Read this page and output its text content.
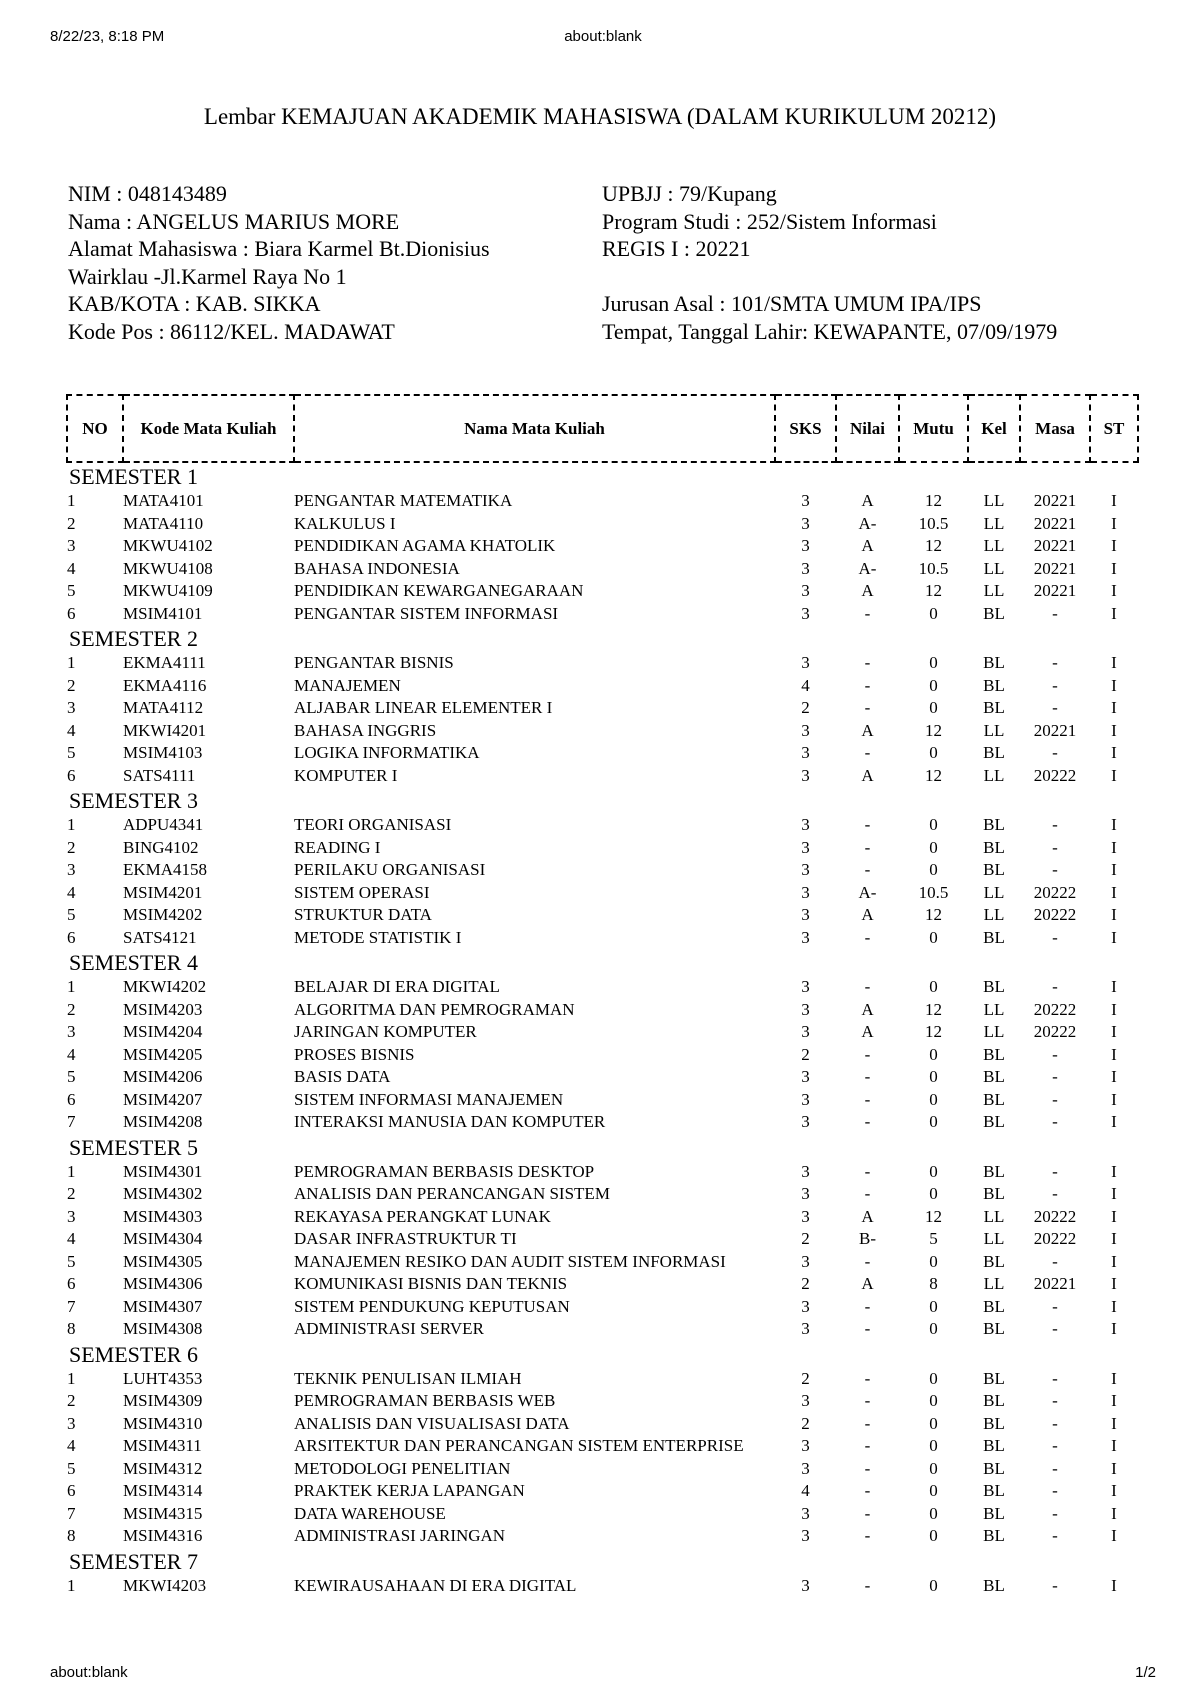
8/22/23, 8:18 PM	about:blank
Lembar KEMAJUAN AKADEMIK MAHASISWA (DALAM KURIKULUM 20212)
NIM : 048143489
Nama : ANGELUS MARIUS MORE
Alamat Mahasiswa : Biara Karmel Bt.Dionisius Wairklau -Jl.Karmel Raya No 1
KAB/KOTA : KAB. SIKKA
Kode Pos : 86112/KEL. MADAWAT
UPBJJ : 79/Kupang
Program Studi : 252/Sistem Informasi
REGIS I : 20221

Jurusan Asal : 101/SMTA UMUM IPA/IPS
Tempat, Tanggal Lahir: KEWAPANTE, 07/09/1979
NO	Kode Mata Kuliah	Nama Mata Kuliah	SKS	Nilai	Mutu	Kel	Masa	ST
SEMESTER 1								
1	MATA4101	PENGANTAR MATEMATIKA	3	A	12	LL	20221	I
2	MATA4110	KALKULUS I	3	A-	10.5	LL	20221	I
3	MKWU4102	PENDIDIKAN AGAMA KHATOLIK	3	A	12	LL	20221	I
4	MKWU4108	BAHASA INDONESIA	3	A-	10.5	LL	20221	I
5	MKWU4109	PENDIDIKAN KEWARGANEGARAAN	3	A	12	LL	20221	I
6	MSIM4101	PENGANTAR SISTEM INFORMASI	3	-	0	BL	-	I
SEMESTER 2								
1	EKMA4111	PENGANTAR BISNIS	3	-	0	BL	-	I
2	EKMA4116	MANAJEMEN	4	-	0	BL	-	I
3	MATA4112	ALJABAR LINEAR ELEMENTER I	2	-	0	BL	-	I
4	MKWI4201	BAHASA INGGRIS	3	A	12	LL	20221	I
5	MSIM4103	LOGIKA INFORMATIKA	3	-	0	BL	-	I
6	SATS4111	KOMPUTER I	3	A	12	LL	20222	I
SEMESTER 3								
1	ADPU4341	TEORI ORGANISASI	3	-	0	BL	-	I
2	BING4102	READING I	3	-	0	BL	-	I
3	EKMA4158	PERILAKU ORGANISASI	3	-	0	BL	-	I
4	MSIM4201	SISTEM OPERASI	3	A-	10.5	LL	20222	I
5	MSIM4202	STRUKTUR DATA	3	A	12	LL	20222	I
6	SATS4121	METODE STATISTIK I	3	-	0	BL	-	I
SEMESTER 4								
1	MKWI4202	BELAJAR DI ERA DIGITAL	3	-	0	BL	-	I
2	MSIM4203	ALGORITMA DAN PEMROGRAMAN	3	A	12	LL	20222	I
3	MSIM4204	JARINGAN KOMPUTER	3	A	12	LL	20222	I
4	MSIM4205	PROSES BISNIS	2	-	0	BL	-	I
5	MSIM4206	BASIS DATA	3	-	0	BL	-	I
6	MSIM4207	SISTEM INFORMASI MANAJEMEN	3	-	0	BL	-	I
7	MSIM4208	INTERAKSI MANUSIA DAN KOMPUTER	3	-	0	BL	-	I
SEMESTER 5								
1	MSIM4301	PEMROGRAMAN BERBASIS DESKTOP	3	-	0	BL	-	I
2	MSIM4302	ANALISIS DAN PERANCANGAN SISTEM	3	-	0	BL	-	I
3	MSIM4303	REKAYASA PERANGKAT LUNAK	3	A	12	LL	20222	I
4	MSIM4304	DASAR INFRASTRUKTUR TI	2	B-	5	LL	20222	I
5	MSIM4305	MANAJEMEN RESIKO DAN AUDIT SISTEM INFORMASI	3	-	0	BL	-	I
6	MSIM4306	KOMUNIKASI BISNIS DAN TEKNIS	2	A	8	LL	20221	I
7	MSIM4307	SISTEM PENDUKUNG KEPUTUSAN	3	-	0	BL	-	I
8	MSIM4308	ADMINISTRASI SERVER	3	-	0	BL	-	I
SEMESTER 6								
1	LUHT4353	TEKNIK PENULISAN ILMIAH	2	-	0	BL	-	I
2	MSIM4309	PEMROGRAMAN BERBASIS WEB	3	-	0	BL	-	I
3	MSIM4310	ANALISIS DAN VISUALISASI DATA	2	-	0	BL	-	I
4	MSIM4311	ARSITEKTUR DAN PERANCANGAN SISTEM ENTERPRISE	3	-	0	BL	-	I
5	MSIM4312	METODOLOGI PENELITIAN	3	-	0	BL	-	I
6	MSIM4314	PRAKTEK KERJA LAPANGAN	4	-	0	BL	-	I
7	MSIM4315	DATA WAREHOUSE	3	-	0	BL	-	I
8	MSIM4316	ADMINISTRASI JARINGAN	3	-	0	BL	-	I
SEMESTER 7								
1	MKWI4203	KEWIRAUSAHAAN DI ERA DIGITAL	3	-	0	BL	-	I
about:blank	1/2
